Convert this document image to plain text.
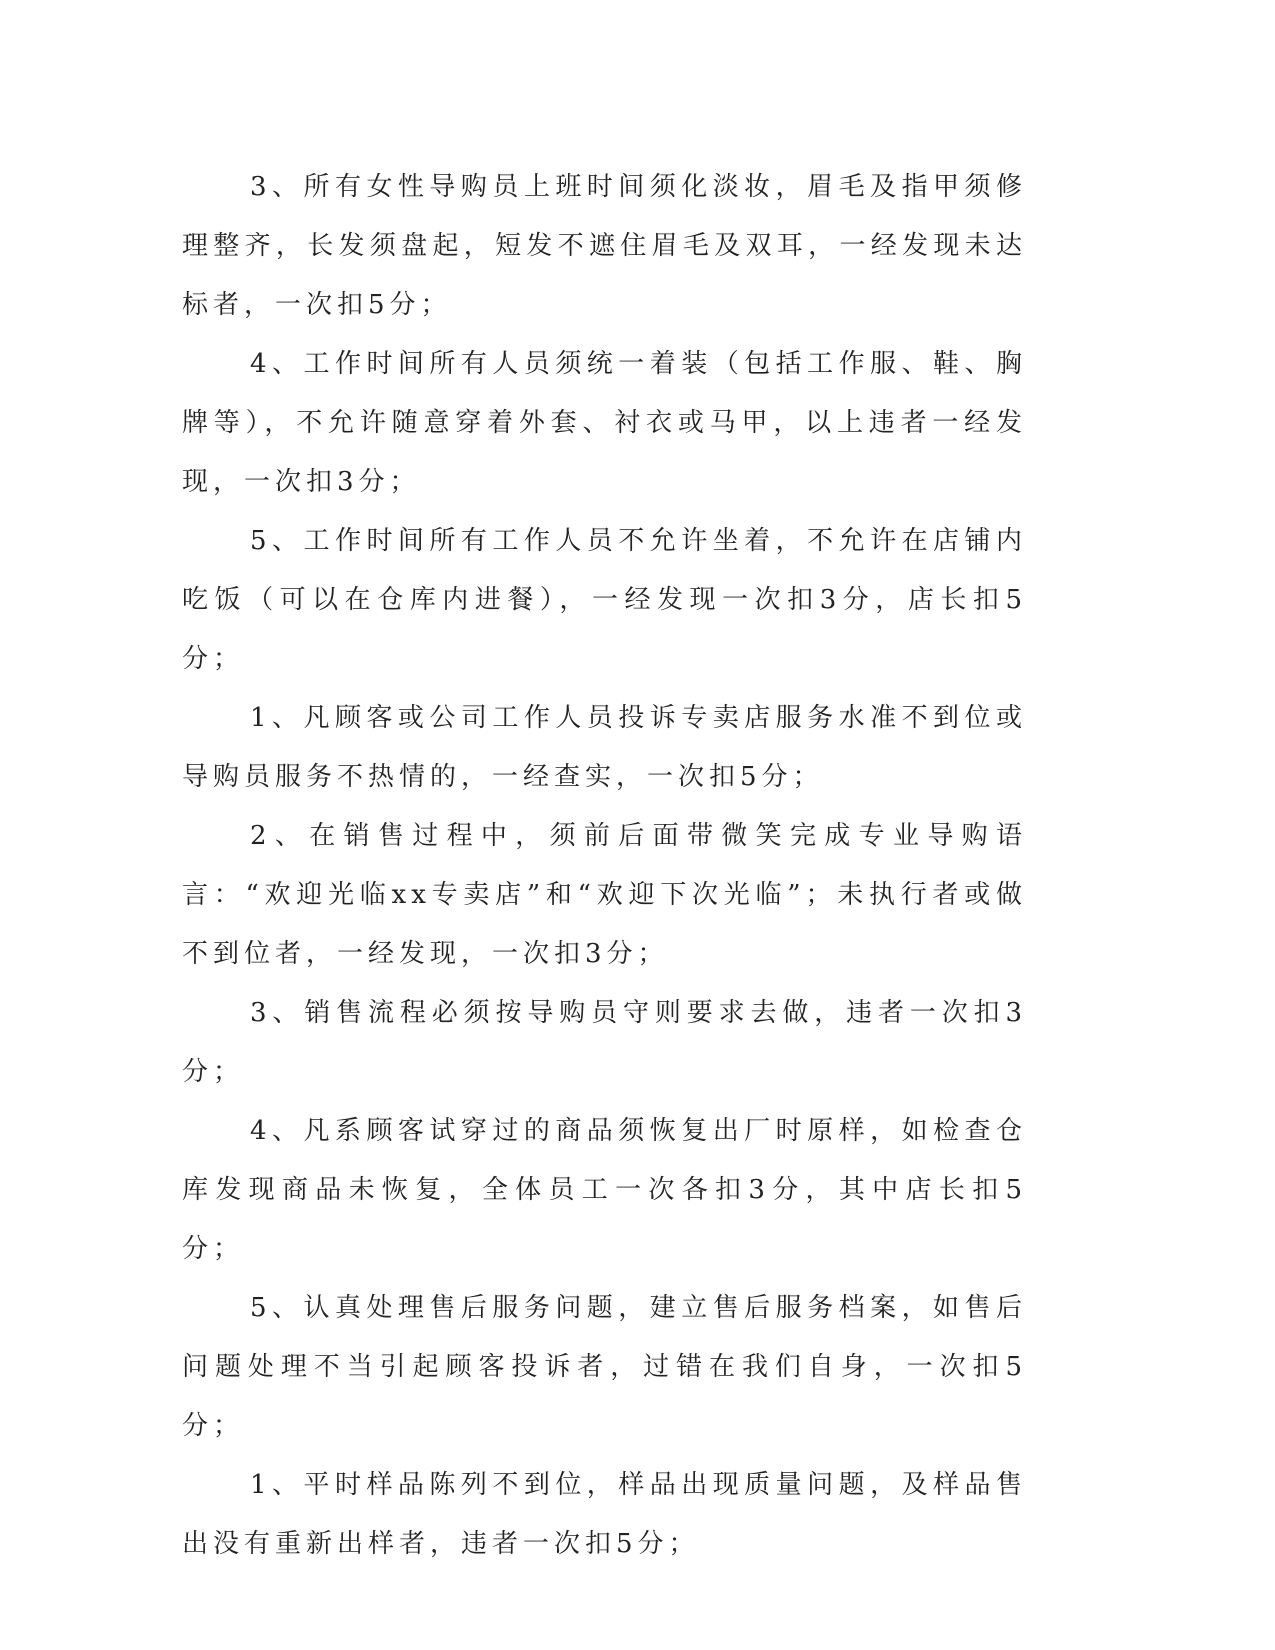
3、所有女性导购员上班时间须化淡妆，眉毛及指甲须修理整齐，长发须盘起，短发不遮住眉毛及双耳，一经发现未达标者，一次扣5分；

4、工作时间所有人员须统一着装（包括工作服、鞋、胸牌等），不允许随意穿着外套、衬衣或马甲，以上违者一经发现，一次扣3分；

5、工作时间所有工作人员不允许坐着，不允许在店铺内吃饭（可以在仓库内进餐），一经发现一次扣3分，店长扣5分；

1、凡顾客或公司工作人员投诉专卖店服务水准不到位或导购员服务不热情的，一经查实，一次扣5分；

2、在销售过程中，须前后面带微笑完成专业导购语言：“欢迎光临xx专卖店”和“欢迎下次光临”；未执行者或做不到位者，一经发现，一次扣3分；

3、销售流程必须按导购员守则要求去做，违者一次扣3分；

4、凡系顾客试穿过的商品须恢复出厂时原样，如检查仓库发现商品未恢复，全体员工一次各扣3分，其中店长扣5分；

5、认真处理售后服务问题，建立售后服务档案，如售后问题处理不当引起顾客投诉者，过错在我们自身，一次扣5分；

1、平时样品陈列不到位，样品出现质量问题，及样品售出没有重新出样者，违者一次扣5分；
